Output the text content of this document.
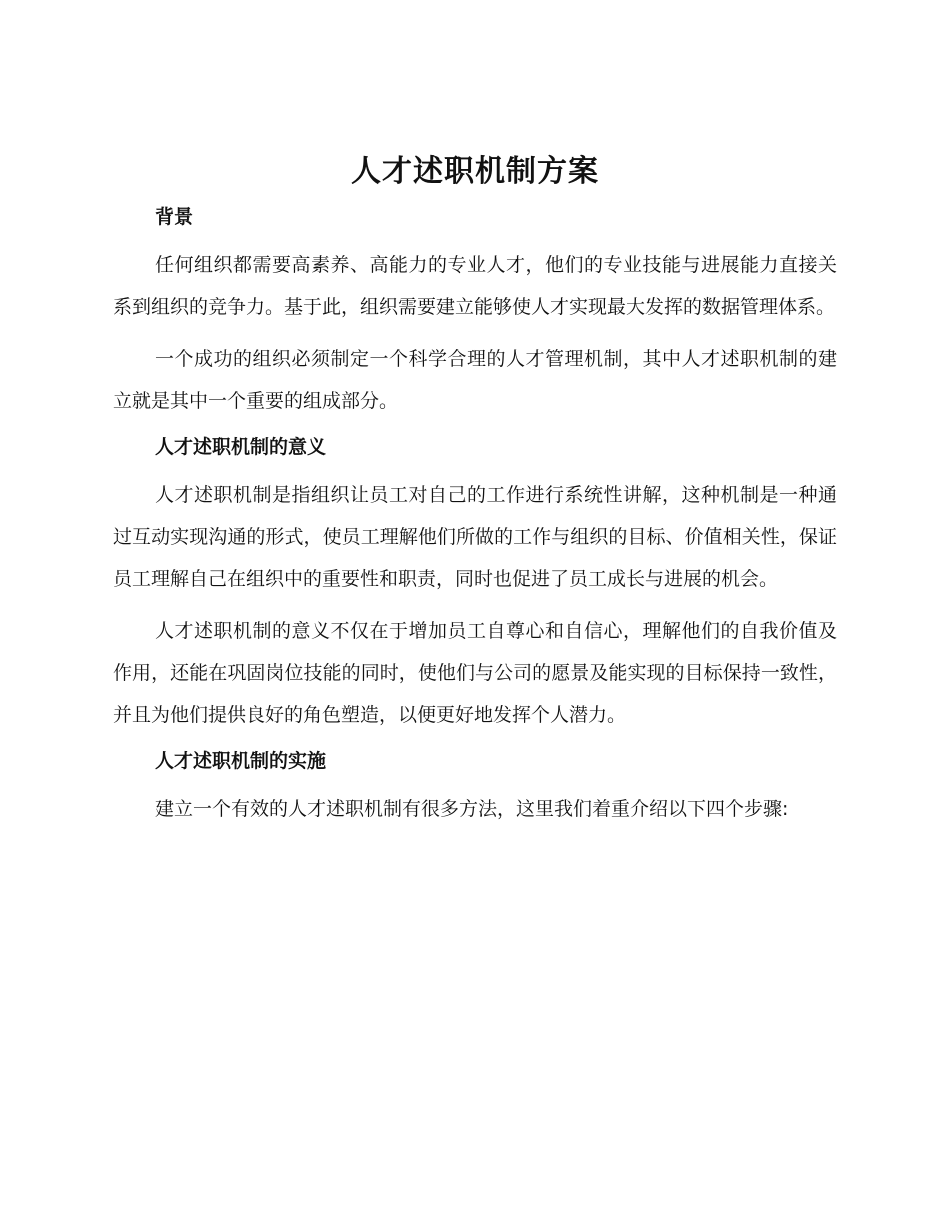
人才述职机制方案
背景

任何组织都需要高素养、高能力的专业人才，他们的专业技能与进展能力直接关系到组织的竞争力。基于此，组织需要建立能够使人才实现最大发挥的数据管理体系。

一个成功的组织必须制定一个科学合理的人才管理机制，其中人才述职机制的建立就是其中一个重要的组成部分。

人才述职机制的意义

人才述职机制是指组织让员工对自己的工作进行系统性讲解，这种机制是一种通过互动实现沟通的形式，使员工理解他们所做的工作与组织的目标、价值相关性，保证员工理解自己在组织中的重要性和职责，同时也促进了员工成长与进展的机会。

人才述职机制的意义不仅在于增加员工自尊心和自信心，理解他们的自我价值及作用，还能在巩固岗位技能的同时，使他们与公司的愿景及能实现的目标保持一致性，并且为他们提供良好的角色塑造，以便更好地发挥个人潜力。

人才述职机制的实施

建立一个有效的人才述职机制有很多方法，这里我们着重介绍以下四个步骤:
